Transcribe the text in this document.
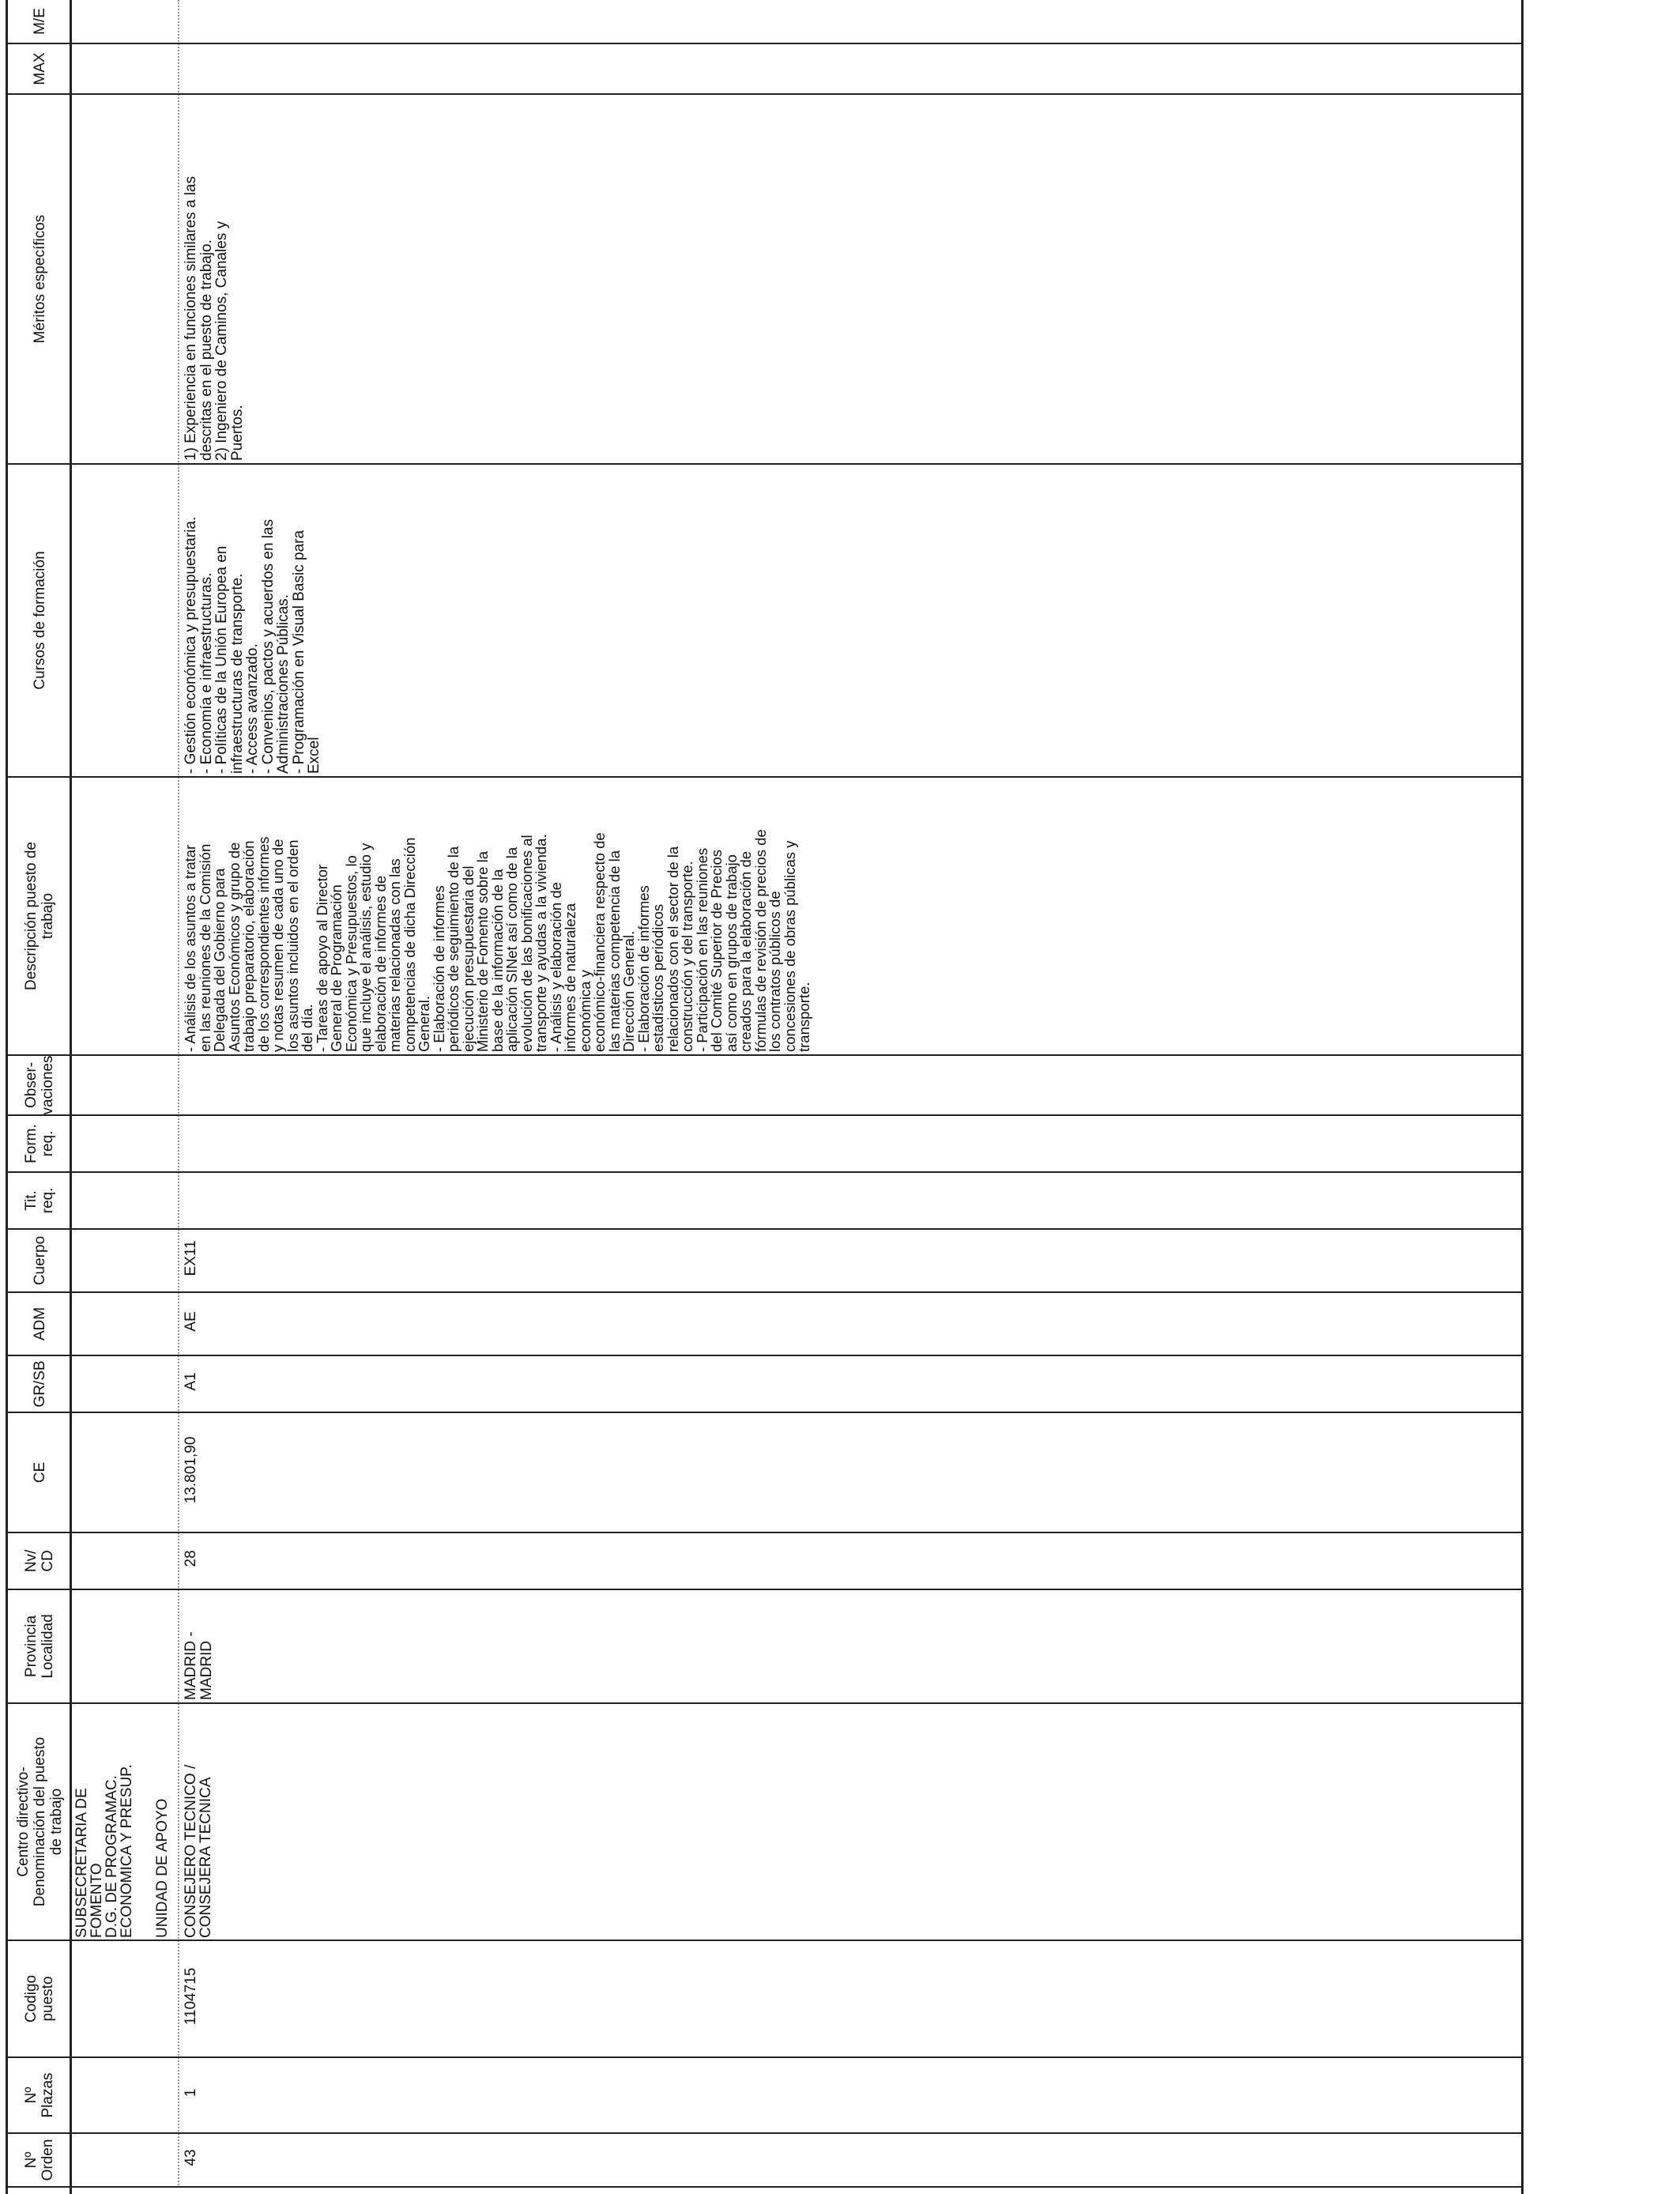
Nº
Orden
Nº
Plazas
Codigo
puesto
Centro directivo-
Denominación del puesto
de trabajo
Provincia
Localidad
Nv/
CD
CE
GR/SB
ADM
Cuerpo
Tit.
req.
Form.
req.
Obser-
vaciones
Descripción puesto de
trabajo
Cursos de formación
Méritos específicos
MAX
M/E
43
1
1104715
SUBSECRETARIA DE
FOMENTO
D.G. DE PROGRAMAC.
ECONOMICA Y PRESUP.
UNIDAD DE APOYO CONSEJERO TECNICO /
CONSEJERA TECNICA
MADRID -
MADRID
28
13.801,90
A1
AE
EX11
- Análisis de los asuntos a tratar
en las reuniones de la Comisión
Delegada del Gobierno para
Asuntos Económicos y grupo de
trabajo preparatorio, elaboración
de los correspondientes informes
y notas resumen de cada uno de
los asuntos incluidos en el orden
del día.
- Tareas de apoyo al Director
General de Programación
Económica y Presupuestos, lo
que incluye el análisis, estudio y
elaboración de informes de
materias relacionadas con las
competencias de dicha Dirección
General.
- Elaboración de informes
periódicos de seguimiento de la
ejecución presupuestaria del
Ministerio de Fomento sobre la
base de la información de la
aplicación SINet así como de la
evolución de las bonificaciones al
transporte y ayudas a la vivienda.
- Análisis y elaboración de
informes de naturaleza
económica y
económico-financiera respecto de
las materias competencia de la
Dirección General.
- Elaboración de informes
estadísticos periódicos
relacionados con el sector de la
construcción y del transporte.
- Participación en las reuniones
del Comité Superior de Precios
así como en grupos de trabajo
creados para la elaboración de
fórmulas de revisión de precios de
los contratos públicos de
concesiones de obras públicas y
transporte.
- Gestión económica y presupuestaria.
- Economía e infraestructuras.
- Políticas de la Unión Europea en
infraestructuras de transporte.
- Access avanzado.
- Convenios, pactos y acuerdos en las
Administraciones Públicas.
- Programación en Visual Basic para
Excel
1) Experiencia en funciones similares a las
descritas en el puesto de trabajo.
2) Ingeniero de Caminos, Canales y
Puertos.
